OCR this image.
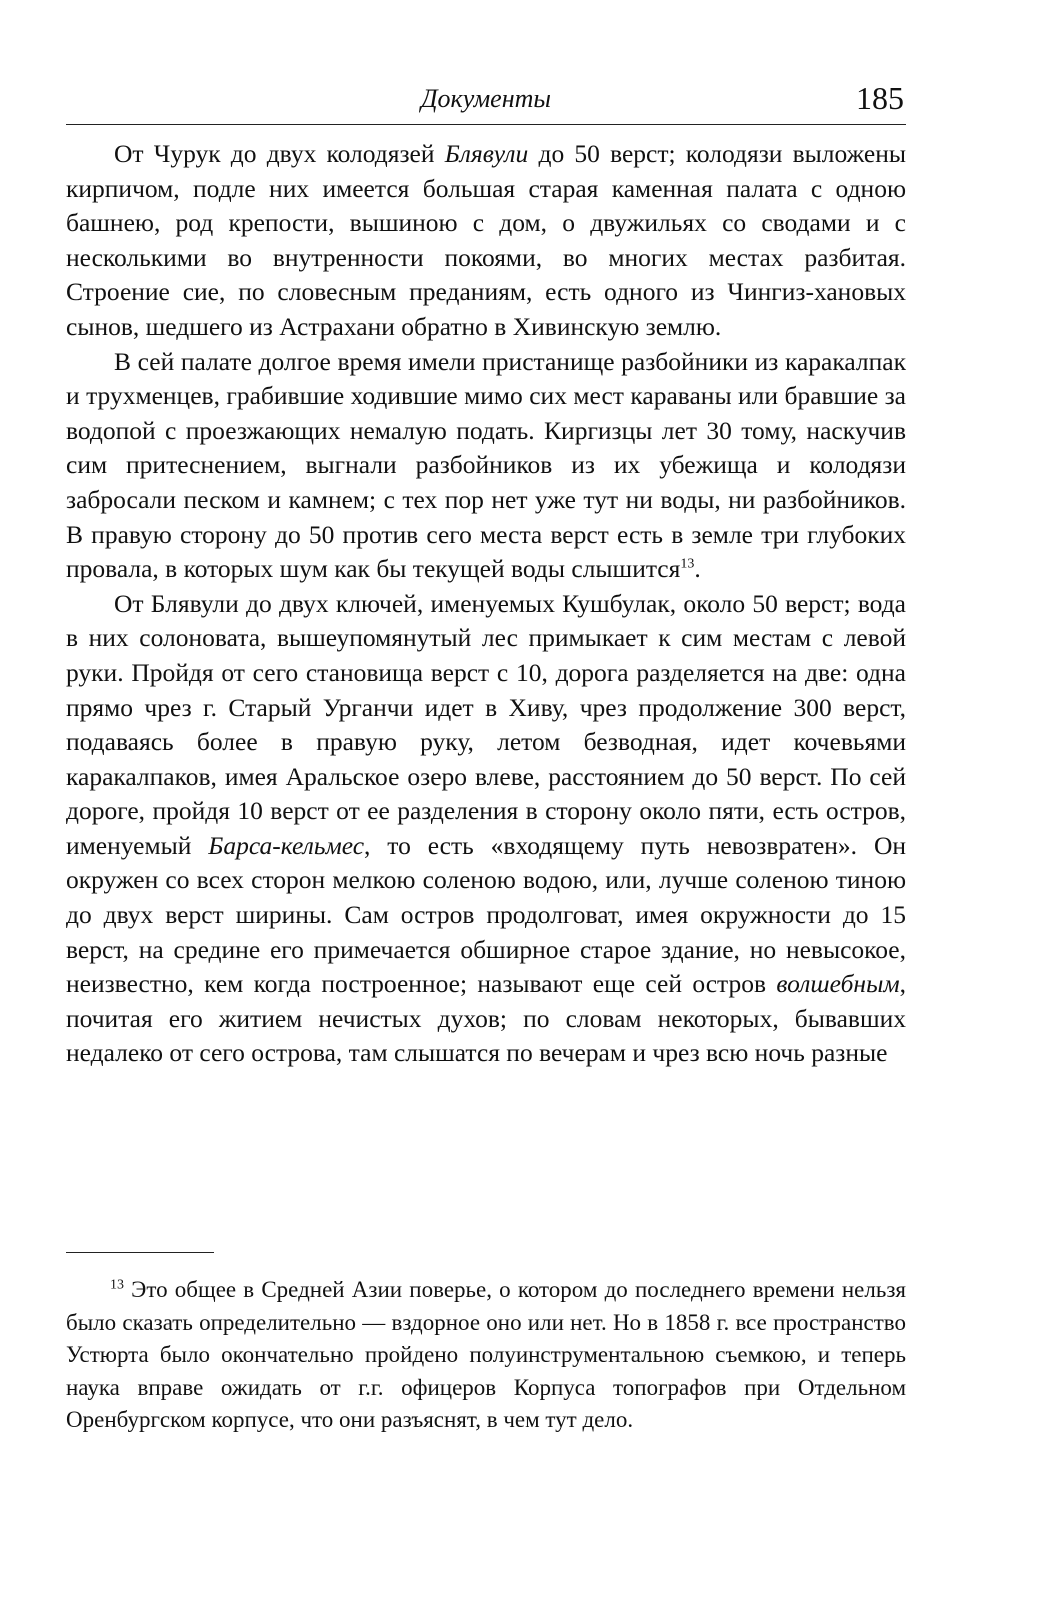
Документы	185

От Чурук до двух колодязей Блявули до 50 верст; колодязи выложены кирпичом, подле них имеется большая старая каменная палата с одною башнею, род крепости, вышиною с дом, о двужильях со сводами и с несколькими во внутренности покоями, во многих местах разбитая. Строение сие, по словесным преданиям, есть одного из Чингиз-хановых сынов, шедшего из Астрахани обратно в Хивинскую землю.

В сей палате долгое время имели пристанище разбойники из каракалпак и трухменцев, грабившие ходившие мимо сих мест караваны или бравшие за водопой с проезжающих немалую подать. Киргизцы лет 30 тому, наскучив сим притеснением, выгнали разбойников из их убежища и колодязи забросали песком и камнем; с тех пор нет уже тут ни воды, ни разбойников. В правую сторону до 50 против сего места верст есть в земле три глубоких провала, в которых шум как бы текущей воды слышится$^{13}$.

От Блявули до двух ключей, именуемых Кушбулак, около 50 верст; вода в них солоновата, вышеупомянутый лес примыкает к сим местам с левой руки. Пройдя от сего становища верст с 10, дорога разделяется на две: одна прямо чрез г. Старый Урганчи идет в Хиву, чрез продолжение 300 верст, подаваясь более в правую руку, летом безводная, идет кочевьями каракалпаков, имея Аральское озеро влеве, расстоянием до 50 верст. По сей дороге, пройдя 10 верст от ее разделения в сторону около пяти, есть остров, именуемый Барса-кельмес, то есть «входящему путь невозвратен». Он окружен со всех сторон мелкою соленою водою, или, лучше соленою тиною до двух верст ширины. Сам остров продолговат, имея окружности до 15 верст, на средине его примечается обширное старое здание, но невысокое, неизвестно, кем когда построенное; называют еще сей остров волшебным, почитая его житием нечистых духов; по словам некоторых, бывавших недалеко от сего острова, там слышатся по вечерам и чрез всю ночь разные

$^{13}$ Это общее в Средней Азии поверье, о котором до последнего времени нельзя было сказать определительно — вздорное оно или нет. Но в 1858 г. все пространство Устюрта было окончательно пройдено полуинструментальною съемкою, и теперь наука вправе ожидать от г.г. офицеров Корпуса топографов при Отдельном Оренбургском корпусе, что они разъяснят, в чем тут дело.
